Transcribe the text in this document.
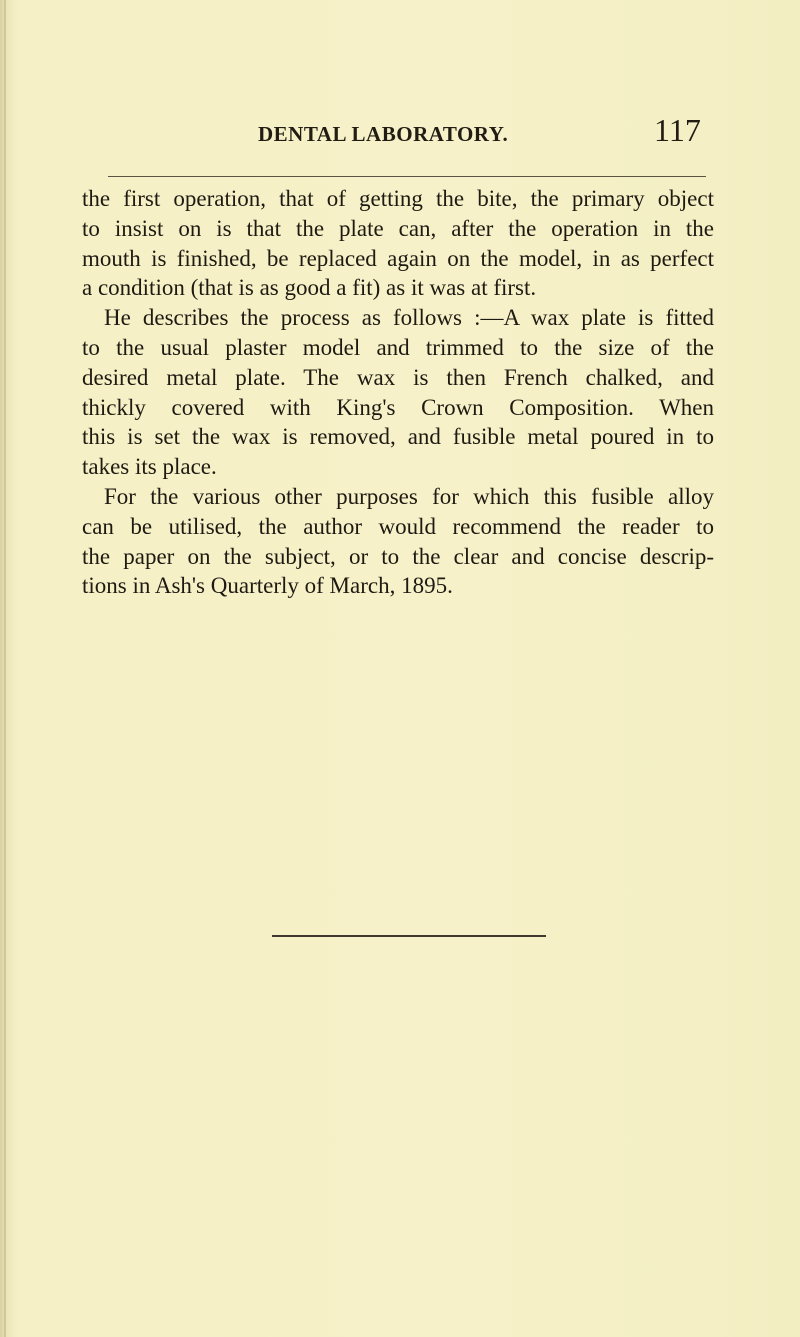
DENTAL LABORATORY.	117
the first operation, that of getting the bite, the primary object
to insist on is that the plate can, after the operation in the
mouth is finished, be replaced again on the model, in as perfect
a condition (that is as good a fit) as it was at first.
He describes the process as follows :—A wax plate is fitted
to the usual plaster model and trimmed to the size of the
desired metal plate. The wax is then French chalked, and
thickly covered with King's Crown Composition. When
this is set the wax is removed, and fusible metal poured in to
takes its place.
For the various other purposes for which this fusible alloy
can be utilised, the author would recommend the reader to
the paper on the subject, or to the clear and concise descrip-
tions in Ash's Quarterly of March, 1895.
